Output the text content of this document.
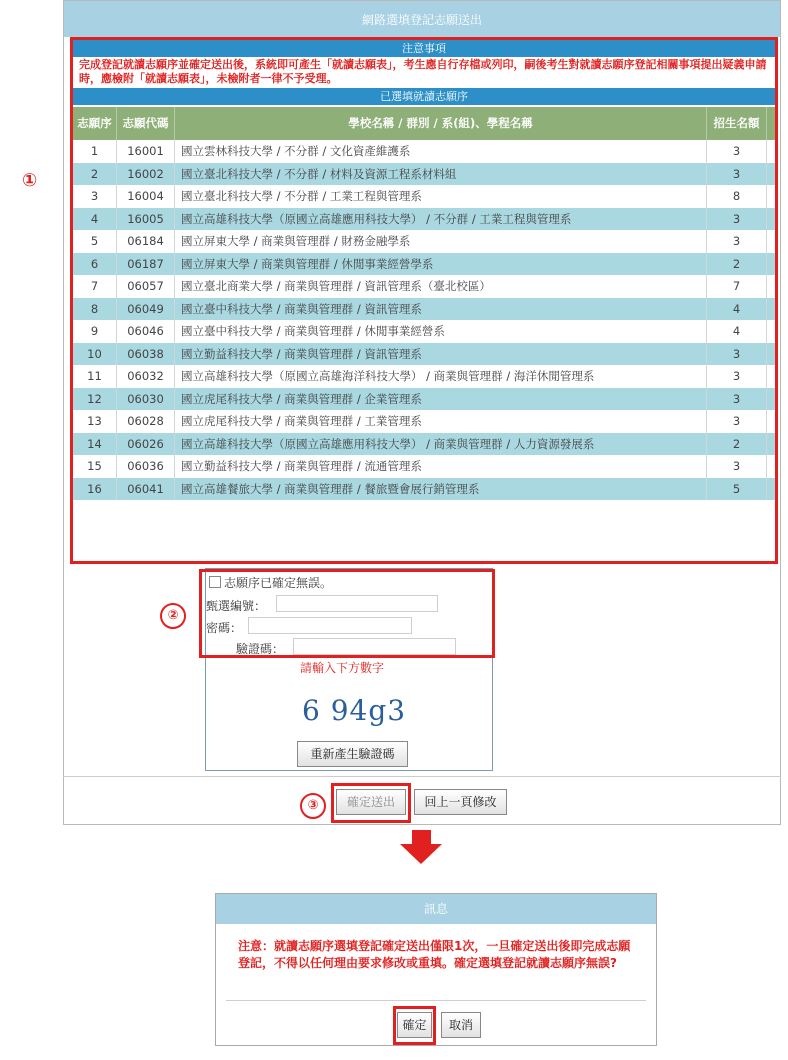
網路選填登記志願送出
①
注意事項
完成登記就讀志願序並確定送出後，系統即可產生「就讀志願表」，考生應自行存檔或列印，嗣後考生對就讀志願序登記相關事項提出疑義申請時，應檢附「就讀志願表」，未檢附者一律不予受理。
已選填就讀志願序
志願序 志願代碼	學校名稱 / 群別 / 系(組)、學程名稱	招生名額
1	16001	國立雲林科技大學 / 不分群 / 文化資產維護系	3
2	16002	國立臺北科技大學 / 不分群 / 材料及資源工程系材料組	3
3	16004	國立臺北科技大學 / 不分群 / 工業工程與管理系	8
4	16005	國立高雄科技大學（原國立高雄應用科技大學） / 不分群 / 工業工程與管理系	3
5	06184	國立屏東大學 / 商業與管理群 / 財務金融學系	3
6	06187	國立屏東大學 / 商業與管理群 / 休閒事業經營學系	2
7	06057	國立臺北商業大學 / 商業與管理群 / 資訊管理系（臺北校區）	7
8	06049	國立臺中科技大學 / 商業與管理群 / 資訊管理系	4
9	06046	國立臺中科技大學 / 商業與管理群 / 休閒事業經營系	4
10	06038	國立勤益科技大學 / 商業與管理群 / 資訊管理系	3
11	06032	國立高雄科技大學（原國立高雄海洋科技大學） / 商業與管理群 / 海洋休閒管理系	3
12	06030	國立虎尾科技大學 / 商業與管理群 / 企業管理系	3
13	06028	國立虎尾科技大學 / 商業與管理群 / 工業管理系	3
14	06026	國立高雄科技大學（原國立高雄應用科技大學） / 商業與管理群 / 人力資源發展系	2
15	06036	國立勤益科技大學 / 商業與管理群 / 流通管理系	3
16	06041	國立高雄餐旅大學 / 商業與管理群 / 餐旅暨會展行銷管理系	5
②
志願序已確定無誤。
甄選編號：
密碼：
驗證碼：
請輸入下方數字
6 94g3
重新產生驗證碼
③	確定送出	回上一頁修改
訊息
注意：就讀志願序選填登記確定送出僅限1次，一旦確定送出後即完成志願登記，不得以任何理由要求修改或重填。確定選填登記就讀志願序無誤?
確定	取消
